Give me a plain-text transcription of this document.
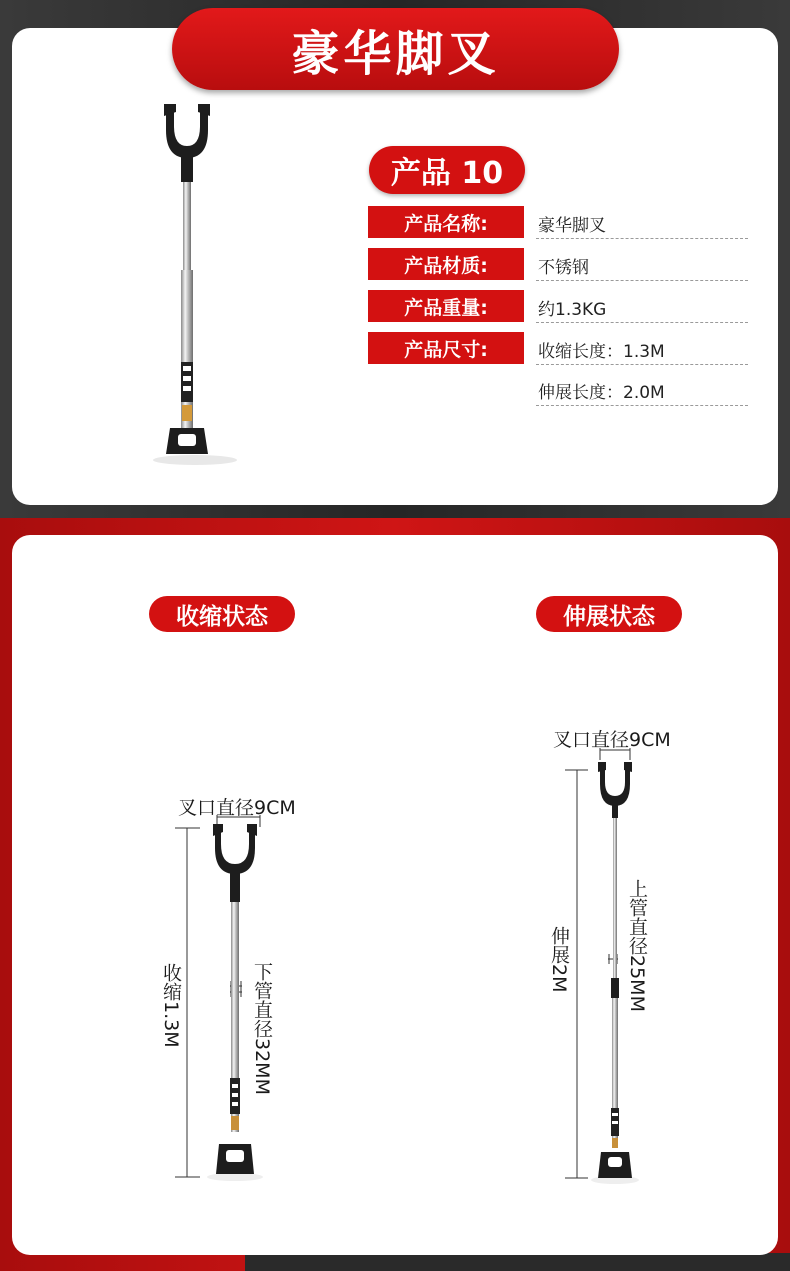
豪华脚叉
产品 10
产品名称:	豪华脚叉
产品材质:	不锈钢
产品重量:	约1.3KG
产品尺寸:	收缩长度：1.3M
伸展长度：2.0M
收缩状态	伸展状态
叉口直径9CM
收缩1.3M	下管直径32MM
叉口直径9CM
伸展2M	上管直径25MM
